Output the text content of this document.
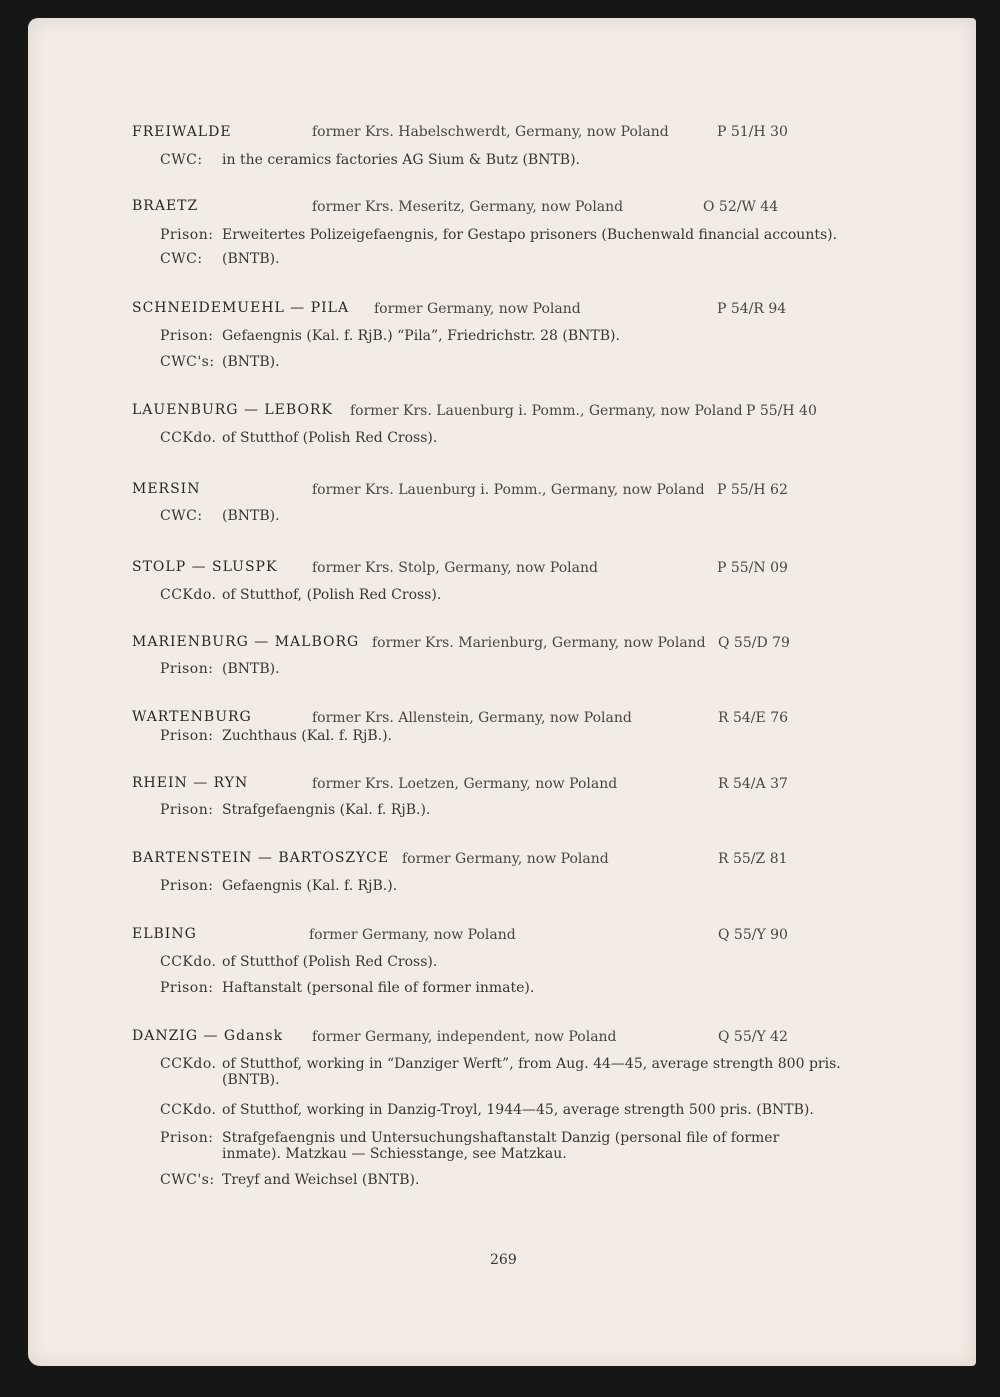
FREIWALDE	former Krs. Habelschwerdt, Germany, now Poland	P 51/H 30
CWC: in the ceramics factories AG Sium & Butz (BNTB).
BRAETZ	former Krs. Meseritz, Germany, now Poland	O 52/W 44
Prison: Erweitertes Polizeigefaengnis, for Gestapo prisoners (Buchenwald financial accounts).
CWC: (BNTB).
SCHNEIDEMUEHL — PILA former Germany, now Poland	P 54/R 94
Prison: Gefaengnis (Kal. f. RjB.) “Pila”, Friedrichstr. 28 (BNTB).
CWC's: (BNTB).
LAUENBURG — LEBORK former Krs. Lauenburg i. Pomm., Germany, now Poland P 55/H 40
CCKdo. of Stutthof (Polish Red Cross).
MERSIN	former Krs. Lauenburg i. Pomm., Germany, now Poland P 55/H 62
CWC: (BNTB).
STOLP — SLUSPK former Krs. Stolp, Germany, now Poland	P 55/N 09
CCKdo. of Stutthof, (Polish Red Cross).
MARIENBURG — MALBORG former Krs. Marienburg, Germany, now Poland Q 55/D 79
Prison: (BNTB).
WARTENBURG	former Krs. Allenstein, Germany, now Poland	R 54/E 76
Prison: Zuchthaus (Kal. f. RjB.).
RHEIN — RYN	former Krs. Loetzen, Germany, now Poland	R 54/A 37
Prison: Strafgefaengnis (Kal. f. RjB.).
BARTENSTEIN — BARTOSZYCE former Germany, now Poland	R 55/Z 81
Prison: Gefaengnis (Kal. f. RjB.).
ELBING	former Germany, now Poland	Q 55/Y 90
CCKdo. of Stutthof (Polish Red Cross).
Prison: Haftanstalt (personal file of former inmate).
DANZIG — Gdansk former Germany, independent, now Poland	Q 55/Y 42
CCKdo. of Stutthof, working in “Danziger Werft”, from Aug. 44—45, average strength 800 pris. (BNTB).
CCKdo. of Stutthof, working in Danzig-Troyl, 1944—45, average strength 500 pris. (BNTB).
Prison: Strafgefaengnis und Untersuchungshaftanstalt Danzig (personal file of former inmate). Matzkau — Schiesstange, see Matzkau.
CWC's: Treyf and Weichsel (BNTB).
269
